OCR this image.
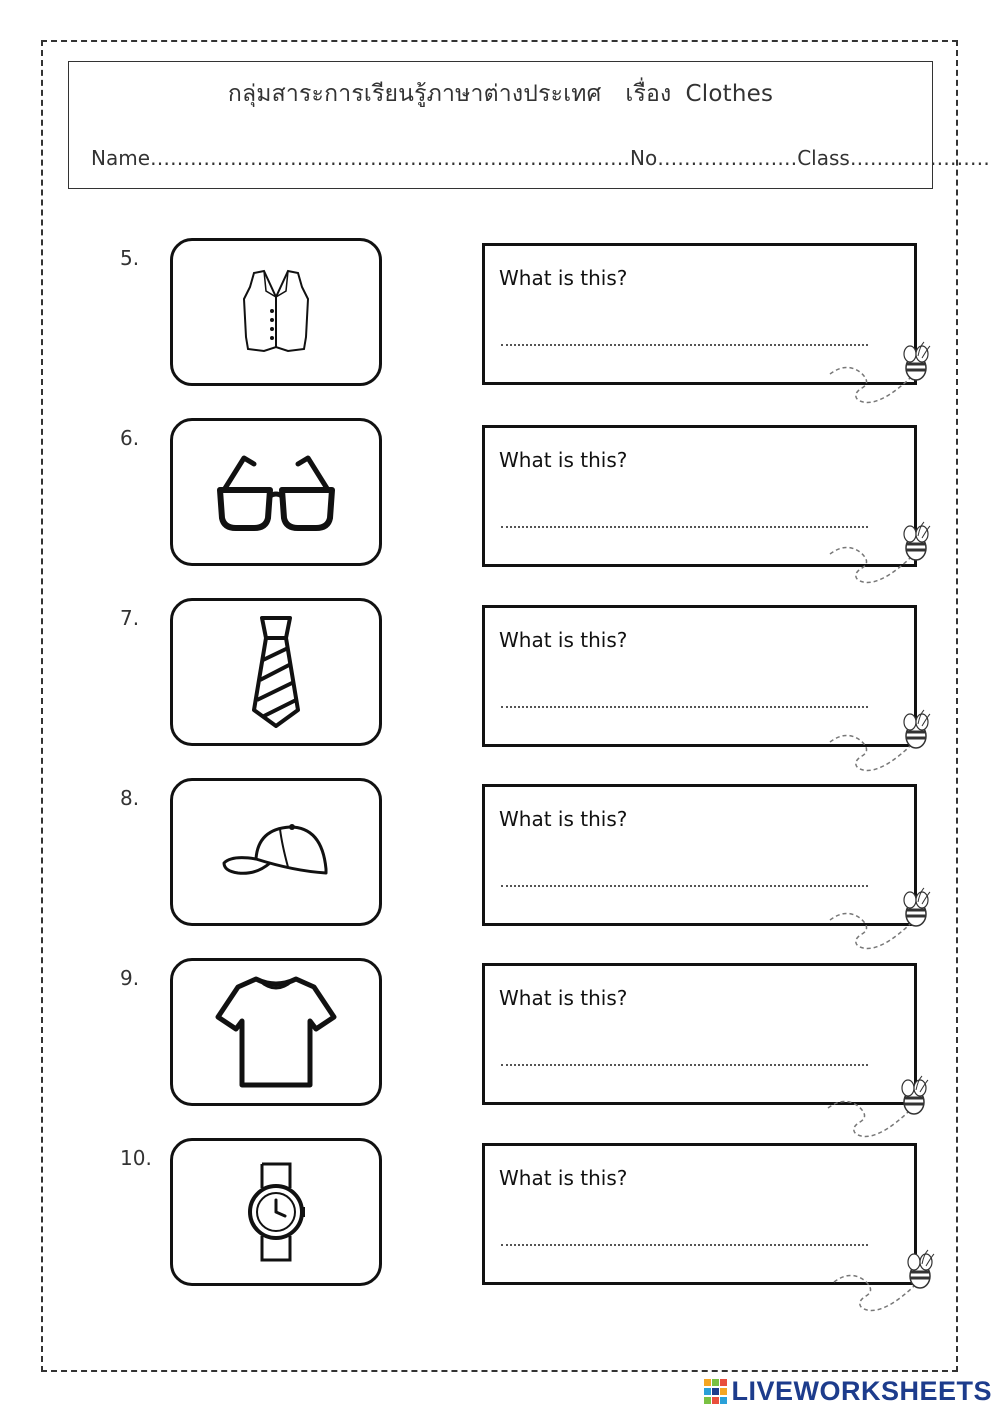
กลุ่มสาระการเรียนรู้ภาษาต่างประเทศ เรื่อง Clothes
Name………………………………………………………………No…………………Class…………………
5.
What is this?
6.
What is this?
7.
What is this?
8.
What is this?
9.
What is this?
10.
What is this?
LIVEWORKSHEETS
